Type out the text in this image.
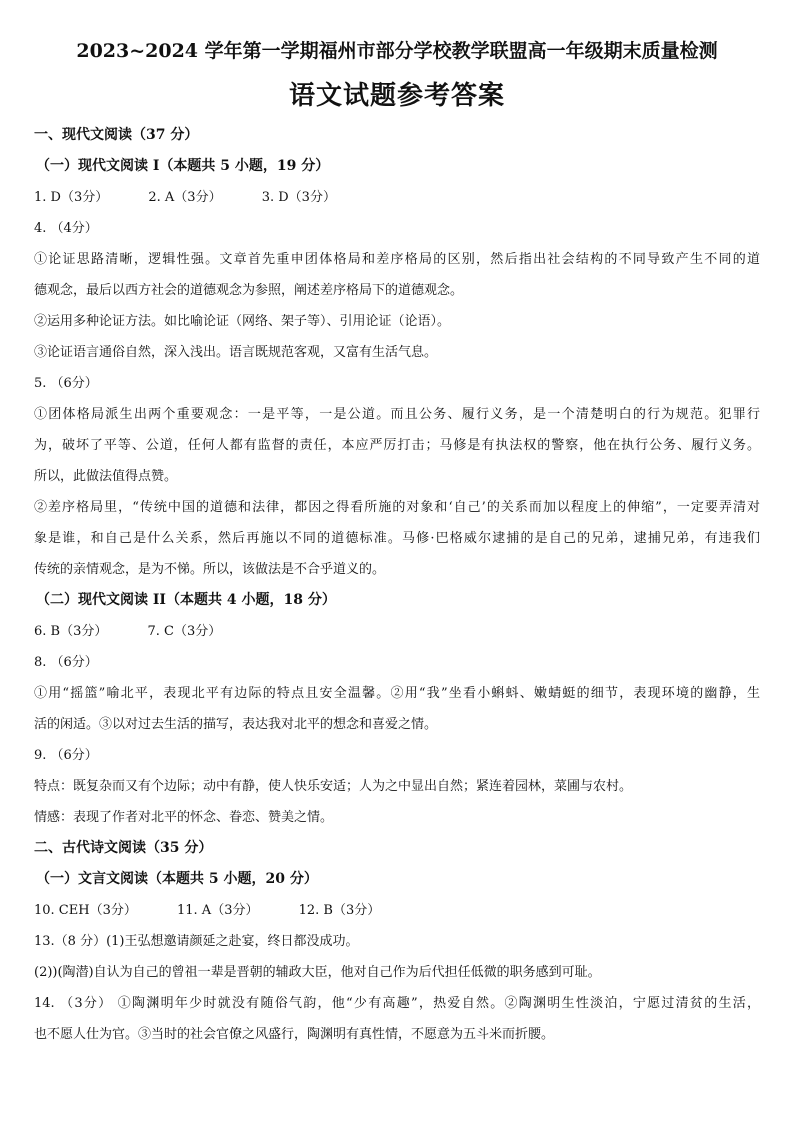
2023~2024 学年第一学期福州市部分学校教学联盟高一年级期末质量检测
语文试题参考答案
一、现代文阅读（37 分）
（一）现代文阅读 I（本题共 5 小题，19 分）
1. D（3分）	2. A（3分）	3. D（3分）
4. （4分）
①论证思路清晰，逻辑性强。文章首先重申团体格局和差序格局的区别，然后指出社会结构的不同导致产生不同的道
德观念，最后以西方社会的道德观念为参照，阐述差序格局下的道德观念。
②运用多种论证方法。如比喻论证（网络、架子等）、引用论证（论语）。
③论证语言通俗自然，深入浅出。语言既规范客观，又富有生活气息。
5. （6分）
①团体格局派生出两个重要观念：一是平等，一是公道。而且公务、履行义务，是一个清楚明白的行为规范。犯罪行
为，破坏了平等、公道，任何人都有监督的责任，本应严厉打击；马修是有执法权的警察，他在执行公务、履行义务。
所以，此做法值得点赞。
②差序格局里，“传统中国的道德和法律，都因之得看所施的对象和‘自己’的关系而加以程度上的伸缩”，一定要弄清对
象是谁，和自己是什么关系，然后再施以不同的道德标准。马修·巴格威尔逮捕的是自己的兄弟，逮捕兄弟，有违我们
传统的亲情观念，是为不悌。所以，该做法是不合乎道义的。
（二）现代文阅读 II（本题共 4 小题，18 分）
6. B（3分）	7. C（3分）
8. （6分）
①用“摇篮”喻北平，表现北平有边际的特点且安全温馨。②用“我”坐看小蝌蚪、嫩蜻蜓的细节，表现环境的幽静，生
活的闲适。③以对过去生活的描写，表达我对北平的想念和喜爱之情。
9. （6分）
特点：既复杂而又有个边际；动中有静，使人快乐安适；人为之中显出自然；紧连着园林，菜圃与农村。
情感：表现了作者对北平的怀念、眷恋、赞美之情。
二、古代诗文阅读（35 分）
（一）文言文阅读（本题共 5 小题，20 分）
10. CEH（3分）	11. A（3分）	12. B（3分）
13.（8 分）(1)王弘想邀请颜延之赴宴，终日都没成功。
(2))(陶潜)自认为自己的曾祖一辈是晋朝的辅政大臣，他对自己作为后代担任低微的职务感到可耻。
14. （3分） ①陶渊明年少时就没有随俗气韵，他“少有高趣”，热爱自然。②陶渊明生性淡泊，宁愿过清贫的生活，
也不愿人仕为官。③当时的社会官僚之风盛行，陶渊明有真性情，不愿意为五斗米而折腰。
